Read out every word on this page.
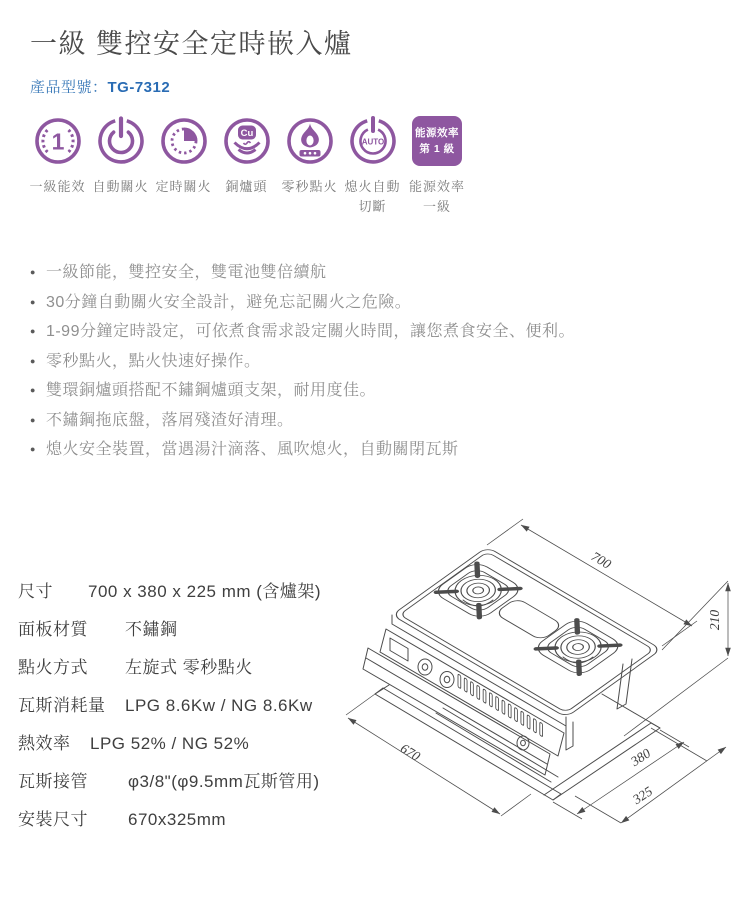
一級 雙控安全定時嵌入爐
產品型號：TG-7312
1
一級能效 自動關火 定時關火
Cu
銅爐頭 零秒點火
AUTO
熄火自動
切斷
能源效率
第 1 級
能源效率
一級
● 一級節能，雙控安全，雙電池雙倍續航
● 30分鐘自動關火安全設計，避免忘記關火之危險。
● 1-99分鐘定時設定，可依煮食需求設定關火時間，讓您煮食安全、便利。
● 零秒點火，點火快速好操作。
● 雙環銅爐頭搭配不鏽鋼爐頭支架，耐用度佳。
● 不鏽鋼拖底盤，落屑殘渣好清理。
● 熄火安全裝置，當遇湯汁滴落、風吹熄火，自動關閉瓦斯
尺寸	700 x 380 x 225 mm (含爐架)
面板材質	不鏽鋼
點火方式	左旋式 零秒點火
瓦斯消耗量	LPG 8.6Kw / NG 8.6Kw
熱效率	LPG 52% / NG 52%
瓦斯接管	φ3/8"(φ9.5mm瓦斯管用)
安裝尺寸	670x325mm
700
210
670	380
325
